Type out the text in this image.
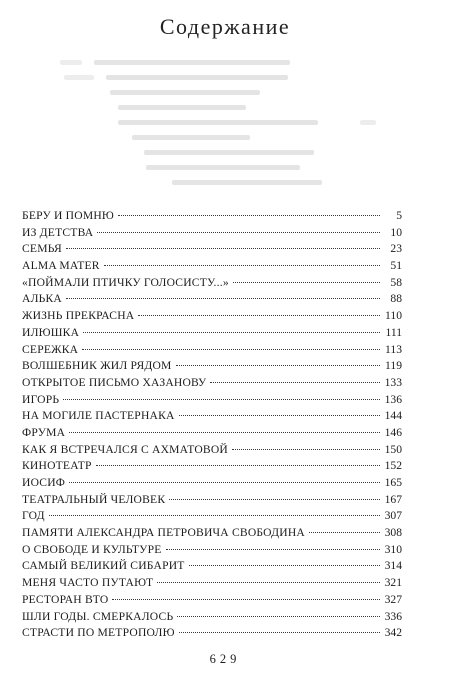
Содержание
БЕРУ И ПОМНЮ	5
ИЗ ДЕТСТВА	10
СЕМЬЯ	23
ALMA MATER	51
«ПОЙМАЛИ ПТИЧКУ ГОЛОСИСТУ...»	58
АЛЬКА	88
ЖИЗНЬ ПРЕКРАСНА	110
ИЛЮШКА	111
СЕРЕЖКА	113
ВОЛШЕБНИК ЖИЛ РЯДОМ	119
ОТКРЫТОЕ ПИСЬМО ХАЗАНОВУ	133
ИГОРЬ	136
НА МОГИЛЕ ПАСТЕРНАКА	144
ФРУМА	146
КАК Я ВСТРЕЧАЛСЯ С АХМАТОВОЙ	150
КИНОТЕАТР	152
ИОСИФ	165
ТЕАТРАЛЬНЫЙ ЧЕЛОВЕК	167
ГОД	307
ПАМЯТИ АЛЕКСАНДРА ПЕТРОВИЧА СВОБОДИНА	308
О СВОБОДЕ И КУЛЬТУРЕ	310
САМЫЙ ВЕЛИКИЙ СИБАРИТ	314
МЕНЯ ЧАСТО ПУТАЮТ	321
РЕСТОРАН ВТО	327
ШЛИ ГОДЫ. СМЕРКАЛОСЬ	336
СТРАСТИ ПО МЕТРОПОЛЮ	342
629
